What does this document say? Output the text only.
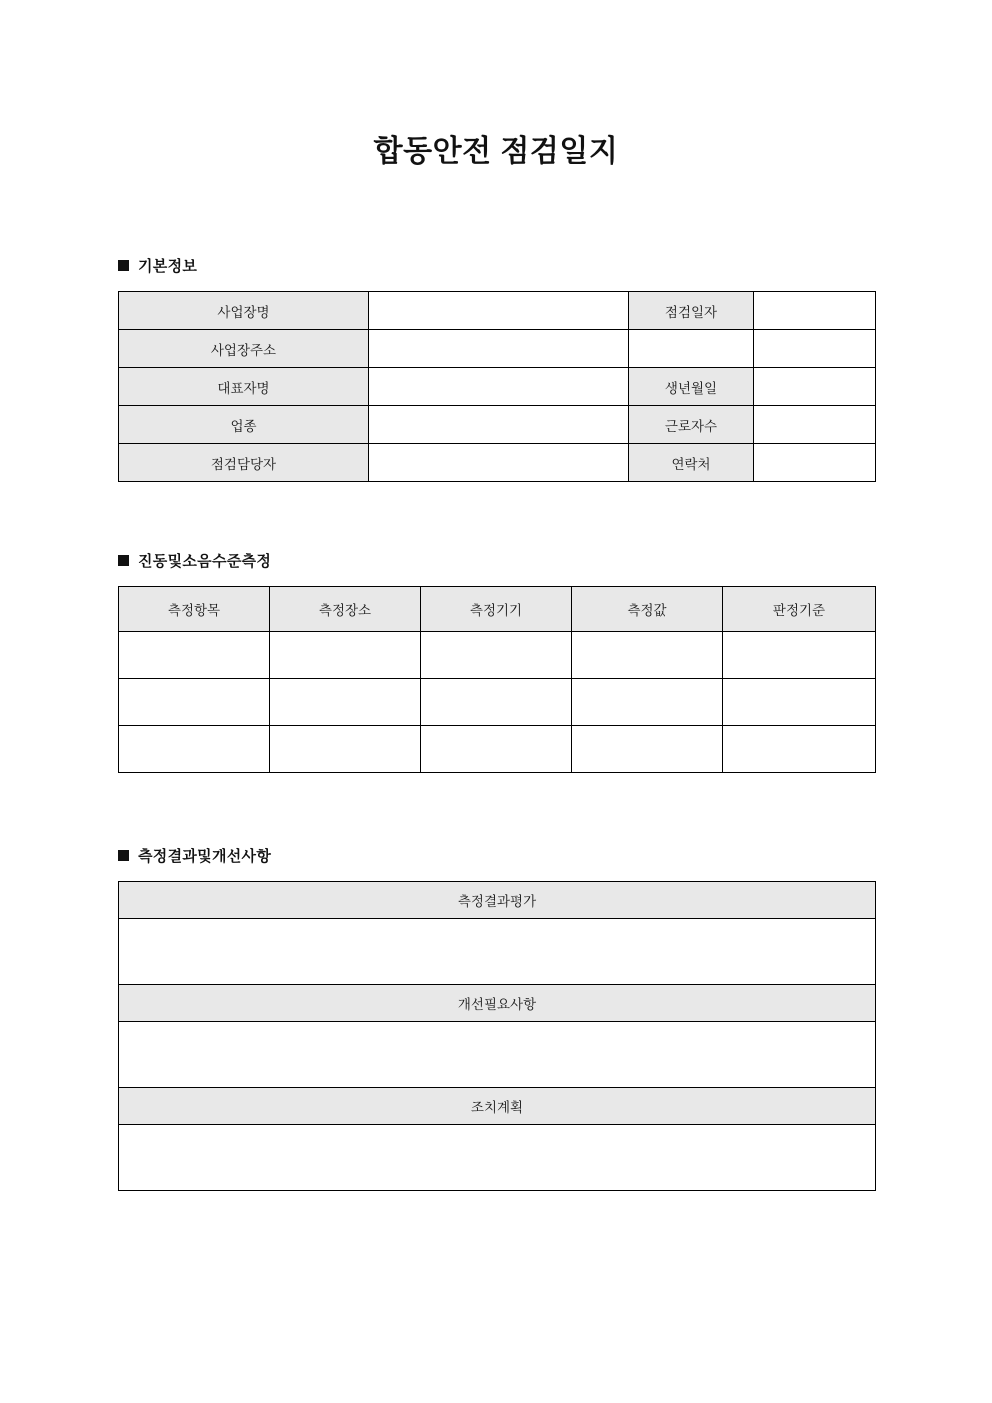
합동안전 점검일지
기본정보
사업장명		점검일자	
사업장주소			
대표자명		생년월일	
업종		근로자수	
점검담당자		연락처	
진동및소음수준측정
측정항목	측정장소	측정기기	측정값	판정기준

측정결과및개선사항
측정결과평가

개선필요사항

조치계획
